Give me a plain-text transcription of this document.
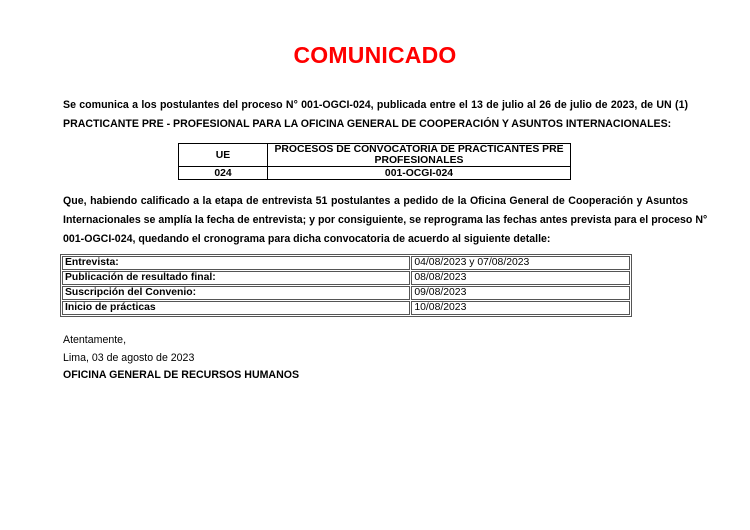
COMUNICADO
Se comunica a los postulantes del proceso N° 001-OGCI-024, publicada entre el 13 de julio al 26 de julio de 2023, de UN (1)
PRACTICANTE PRE - PROFESIONAL PARA LA OFICINA GENERAL DE COOPERACIÓN Y ASUNTOS INTERNACIONALES:
UE	PROCESOS DE CONVOCATORIA DE PRACTICANTES PRE PROFESIONALES
024	001-OCGI-024
Que, habiendo calificado a la etapa de entrevista 51 postulantes a pedido de la Oficina General de Cooperación y Asuntos
Internacionales se amplía la fecha de entrevista; y por consiguiente, se reprograma las fechas antes prevista para el proceso N°
001-OGCI-024, quedando el cronograma para dicha convocatoria de acuerdo al siguiente detalle:
Entrevista:	04/08/2023 y 07/08/2023
Publicación de resultado final:	08/08/2023
Suscripción del Convenio:	09/08/2023
Inicio de prácticas	10/08/2023
Atentamente,
Lima, 03 de agosto de 2023
OFICINA GENERAL DE RECURSOS HUMANOS
